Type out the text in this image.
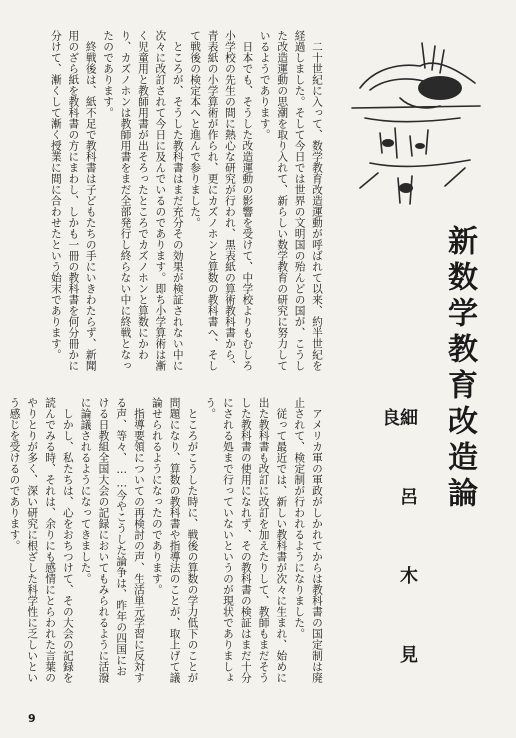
新数学教育改造論
細 呂 木 見 良

二十世紀に入って、数学教育改造運動が呼ばれて以来、約半世紀を経過しました。そして今日では世界の文明国の殆んどの国が、こうした改造運動の思潮を取り入れて、新らしい数学教育の研究に努力しているようであります。

日本でも、そうした改造運動の影響を受けて、中学校よりもむしろ小学校の先生の間に熱心な研究が行われ、黒表紙の算術教科書から、青表紙の小学算術が作られ、更にカズノホンと算数の教科書へ、そして戦後の検定本へと進んで参りました。

ところが、そうした教科書はまだ充分その効果が検証されない中に次々に改訂されて今日に及んでいるのであります。即ち小学算術は漸く児童用と教師用書が出そろったところでカズノホンと算数にかわり、カズノホンは教師用書をまだ全部発行し終らない中に終戦となったのであります。

終戦後は、紙不足で教科書は子どもたちの手にいきわたらず、新聞用のざら紙を教科書の方にまわし、しかも一冊の教科書を何分冊かに分けて、漸くして漸く授業に間に合わせたという始末であります。

アメリカ軍の軍政がしかれてからは教科書の国定制は廃止されて、検定制が行われるようになりました。

従って最近では、新しい教科書が次々に生まれ、始めに出た教科書も改訂に改訂を加えたりして、教師もまだそうした教科書の使用になれず、その教科書の検証はまだ十分にされる処まで行っていないというのが現状でありましょう。

ところがこうした時に、戦後の算数の学力低下のことが問題になり、算数の教科書や指導法のことが、取上げて議論せられるようになったのであります。

指導要領についての再検討の声、生活単元学習に反対する声、等々、……今やこうした論争は、昨年の四国における日教組全国大会の記録においてもみられるように活潑に論議されるようになってきました。

しかし、私たちは、心をおちつけて、その大会の記録を読んでみる時、それは、余りにも感情にとらわれた言葉のやりとりが多く、深い研究に根ざした科学性に乏しいという感じを受けるのであります。

9
